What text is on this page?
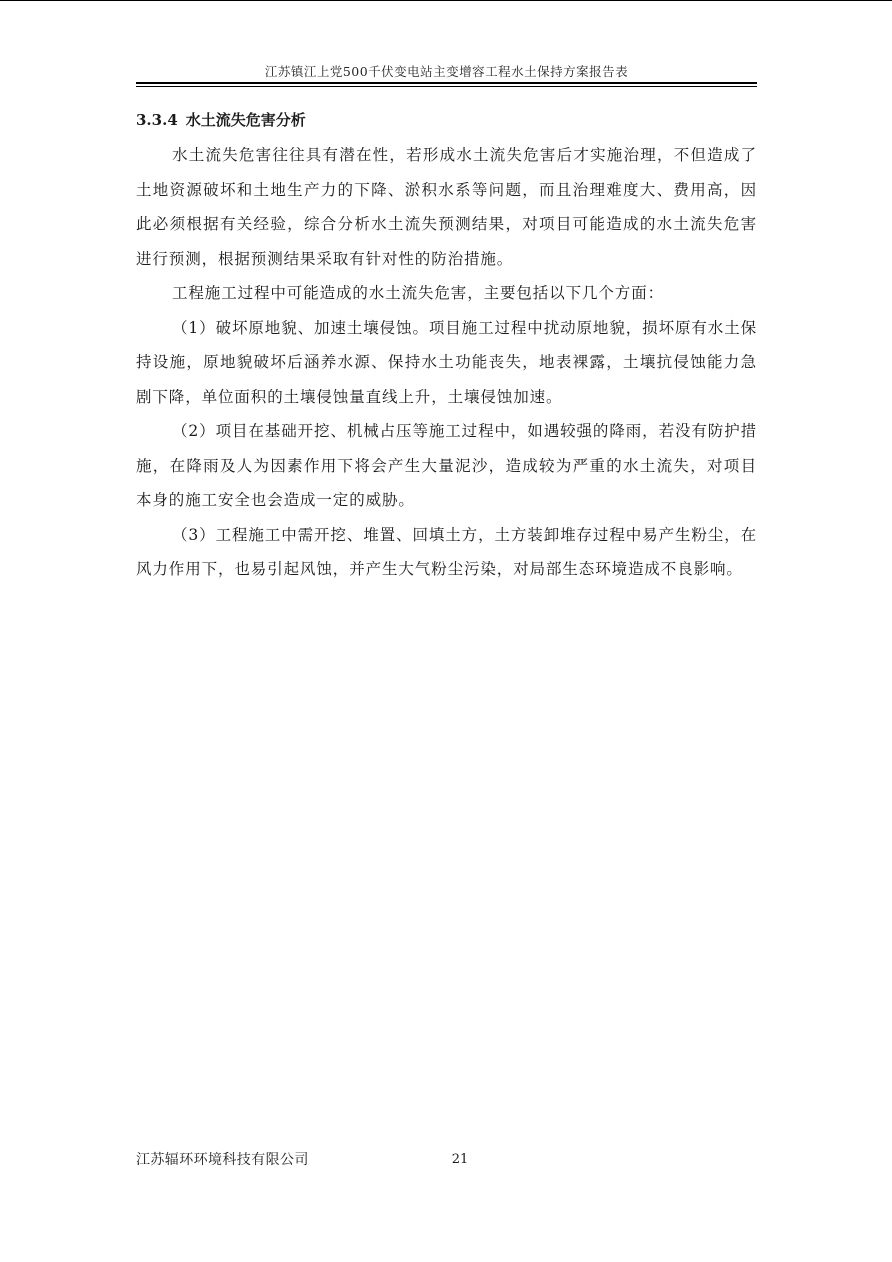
江苏镇江上党500千伏变电站主变增容工程水土保持方案报告表
3.3.4 水土流失危害分析

水土流失危害往往具有潜在性，若形成水土流失危害后才实施治理，不但造成了土地资源破坏和土地生产力的下降、淤积水系等问题，而且治理难度大、费用高，因此必须根据有关经验，综合分析水土流失预测结果，对项目可能造成的水土流失危害进行预测，根据预测结果采取有针对性的防治措施。

工程施工过程中可能造成的水土流失危害，主要包括以下几个方面：

（1）破坏原地貌、加速土壤侵蚀。项目施工过程中扰动原地貌，损坏原有水土保持设施，原地貌破坏后涵养水源、保持水土功能丧失，地表裸露，土壤抗侵蚀能力急剧下降，单位面积的土壤侵蚀量直线上升，土壤侵蚀加速。

（2）项目在基础开挖、机械占压等施工过程中，如遇较强的降雨，若没有防护措施，在降雨及人为因素作用下将会产生大量泥沙，造成较为严重的水土流失，对项目本身的施工安全也会造成一定的威胁。

（3）工程施工中需开挖、堆置、回填土方，土方装卸堆存过程中易产生粉尘，在风力作用下，也易引起风蚀，并产生大气粉尘污染，对局部生态环境造成不良影响。

江苏辐环环境科技有限公司	21
